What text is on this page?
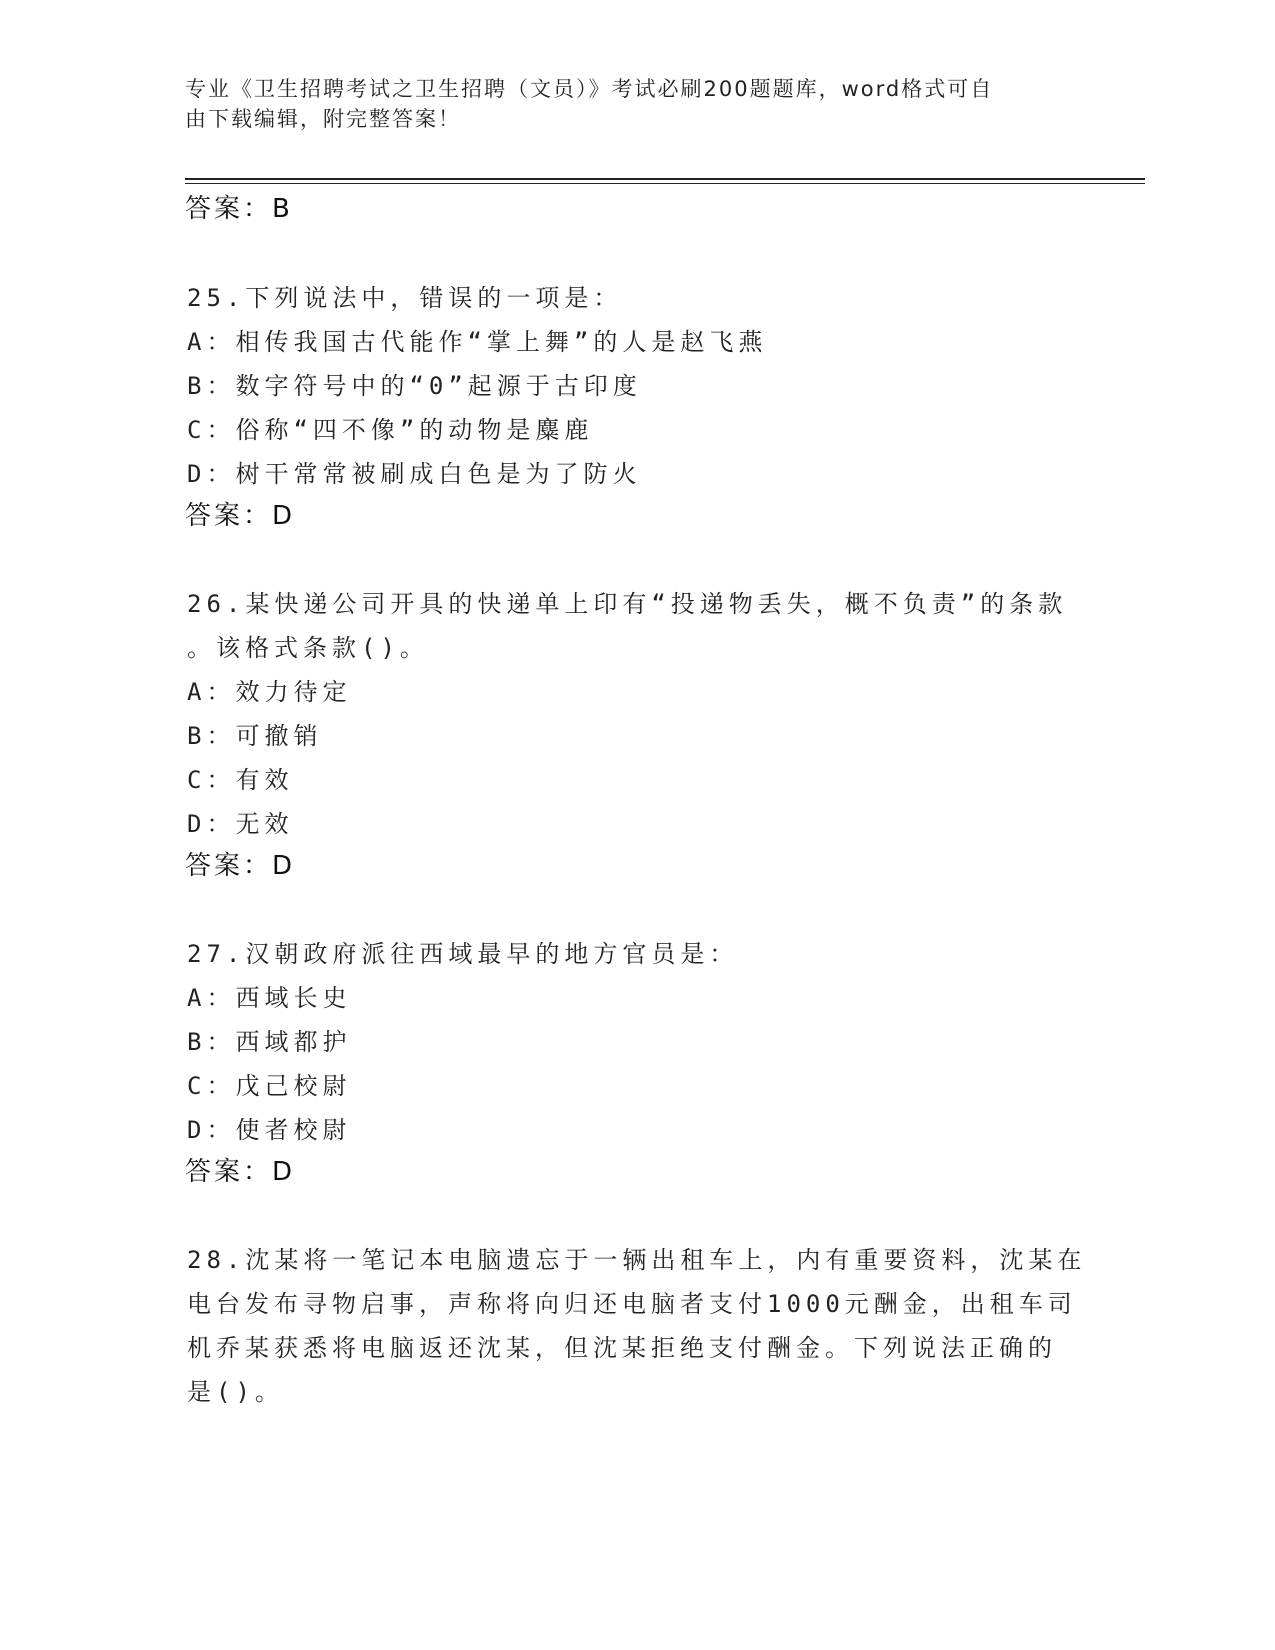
专业《卫生招聘考试之卫生招聘（文员）》考试必刷200题题库，word格式可自
由下载编辑，附完整答案！
答案：B
25.下列说法中，错误的一项是：
A：相传我国古代能作“掌上舞”的人是赵飞燕
B：数字符号中的“0”起源于古印度
C：俗称“四不像”的动物是麋鹿
D：树干常常被刷成白色是为了防火
答案：D
26.某快递公司开具的快递单上印有“投递物丢失，概不负责”的条款
。该格式条款()。
A：效力待定
B：可撤销
C：有效
D：无效
答案：D
27.汉朝政府派往西域最早的地方官员是：
A：西域长史
B：西域都护
C：戊己校尉
D：使者校尉
答案：D
28.沈某将一笔记本电脑遗忘于一辆出租车上，内有重要资料，沈某在
电台发布寻物启事，声称将向归还电脑者支付1000元酬金，出租车司
机乔某获悉将电脑返还沈某，但沈某拒绝支付酬金。下列说法正确的
是()。
